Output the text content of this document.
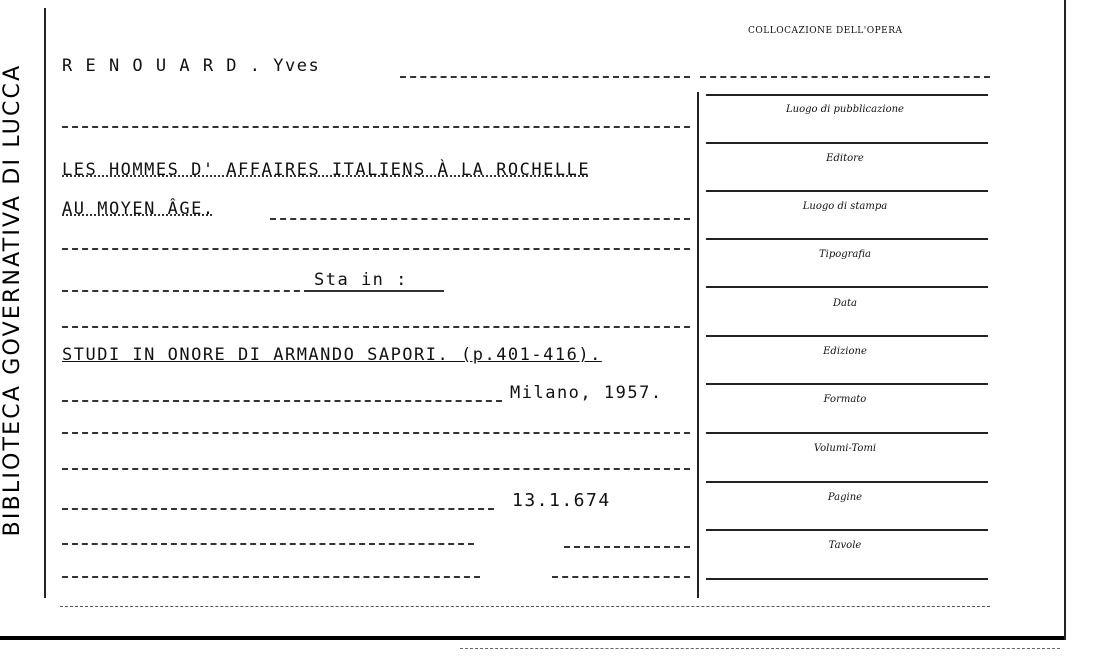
BIBLIOTECA GOVERNATIVA DI LUCCA
COLLOCAZIONE DELL'OPERA
R E N O U A R D . Yves
LES HOMMES D' AFFAIRES ITALIENS À LA ROCHELLE
AU MOYEN ÂGE.
Sta in :
STUDI IN ONORE DI ARMANDO SAPORI. (p.401-416).
Milano, 1957.
13.1.674
Luogo di pubblicazione
Editore
Luogo di stampa
Tipografia
Data
Edizione
Formato
Volumi-Tomi
Pagine
Tavole
